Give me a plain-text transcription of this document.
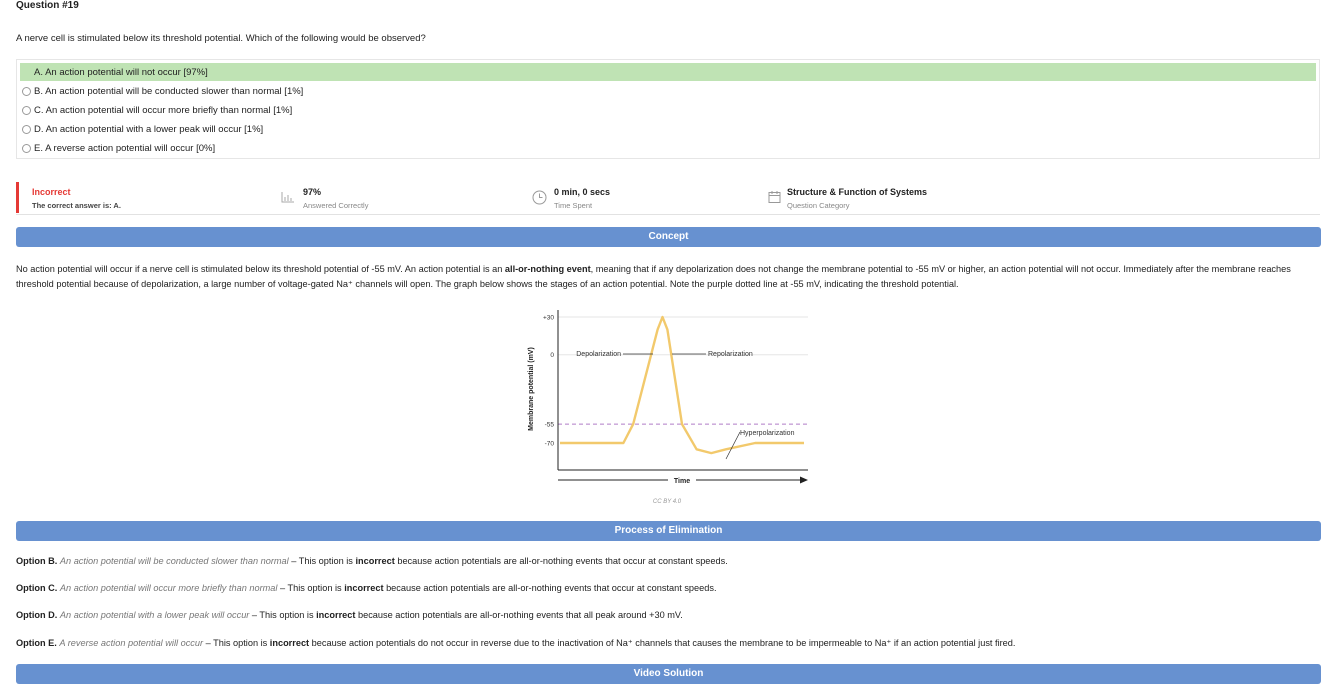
Question #19
A nerve cell is stimulated below its threshold potential. Which of the following would be observed?
A. An action potential will not occur [97%]
B. An action potential will be conducted slower than normal [1%]
C. An action potential will occur more briefly than normal [1%]
D. An action potential with a lower peak will occur [1%]
E. A reverse action potential will occur [0%]
Incorrect
The correct answer is: A.
97%
Answered Correctly
0 min, 0 secs
Time Spent
Structure & Function of Systems
Question Category
Concept
No action potential will occur if a nerve cell is stimulated below its threshold potential of -55 mV. An action potential is an all-or-nothing event, meaning that if any depolarization does not change the membrane potential to -55 mV or higher, an action potential will not occur. Immediately after the membrane reaches threshold potential because of depolarization, a large number of voltage-gated Na⁺ channels will open. The graph below shows the stages of an action potential. Note the purple dotted line at -55 mV, indicating the threshold potential.
+30
0
-55
-70
Membrane potential (mV)	Depolarization	Repolarization
Hyperpolarization
Time
CC BY 4.0
Process of Elimination
Option B. An action potential will be conducted slower than normal – This option is incorrect because action potentials are all-or-nothing events that occur at constant speeds.
Option C. An action potential will occur more briefly than normal – This option is incorrect because action potentials are all-or-nothing events that occur at constant speeds.
Option D. An action potential with a lower peak will occur – This option is incorrect because action potentials are all-or-nothing events that all peak around +30 mV.
Option E. A reverse action potential will occur – This option is incorrect because action potentials do not occur in reverse due to the inactivation of Na⁺ channels that causes the membrane to be impermeable to Na⁺ if an action potential just fired.
Video Solution
